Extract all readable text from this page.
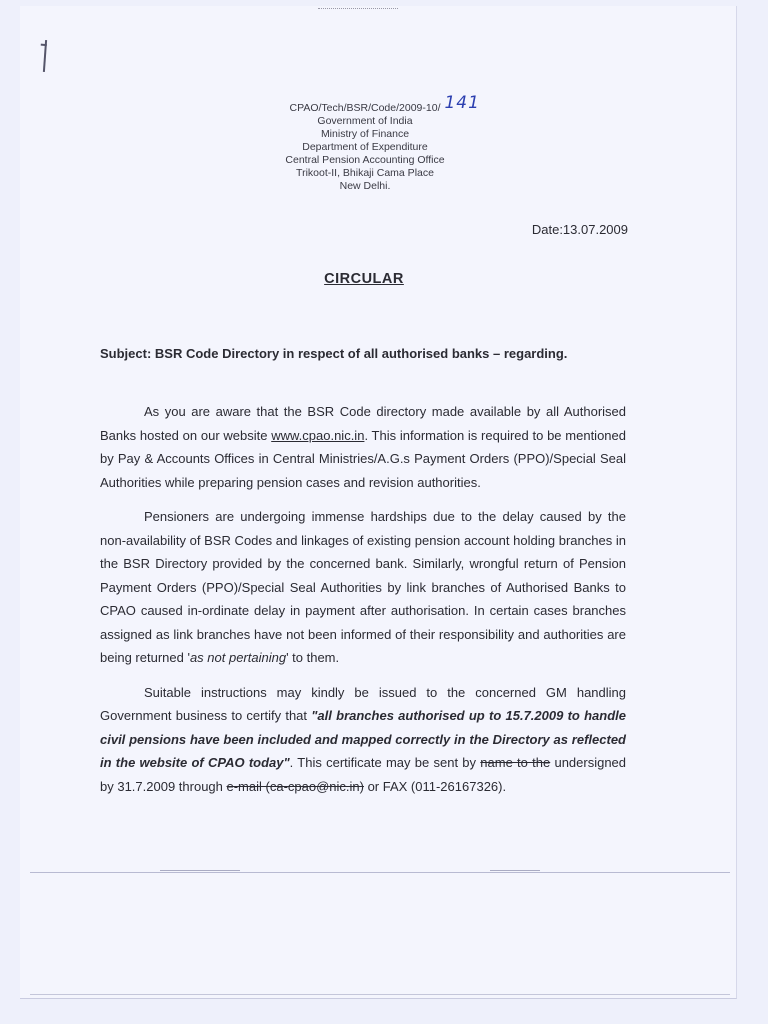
CPAO/Tech/BSR/Code/2009-10/ 141
Government of India
Ministry of Finance
Department of Expenditure
Central Pension Accounting Office
Trikoot-II, Bhikaji Cama Place
New Delhi.
Date:13.07.2009
CIRCULAR
Subject: BSR Code Directory in respect of all authorised banks – regarding.

As you are aware that the BSR Code directory made available by all Authorised Banks hosted on our website www.cpao.nic.in. This information is required to be mentioned by Pay & Accounts Offices in Central Ministries/A.G.s Payment Orders (PPO)/Special Seal Authorities while preparing pension cases and revision authorities.

Pensioners are undergoing immense hardships due to the delay caused by the non-availability of BSR Codes and linkages of existing pension account holding branches in the BSR Directory provided by the concerned bank. Similarly, wrongful return of Pension Payment Orders (PPO)/Special Seal Authorities by link branches of Authorised Banks to CPAO caused in-ordinate delay in payment after authorisation. In certain cases branches assigned as link branches have not been informed of their responsibility and authorities are being returned 'as not pertaining' to them.

Suitable instructions may kindly be issued to the concerned GM handling Government business to certify that "all branches authorised up to 15.7.2009 to handle civil pensions have been included and mapped correctly in the Directory as reflected in the website of CPAO today". This certificate may be sent by name to the undersigned by 31.7.2009 through e-mail (ca-cpao@nic.in) or FAX (011-26167326).
